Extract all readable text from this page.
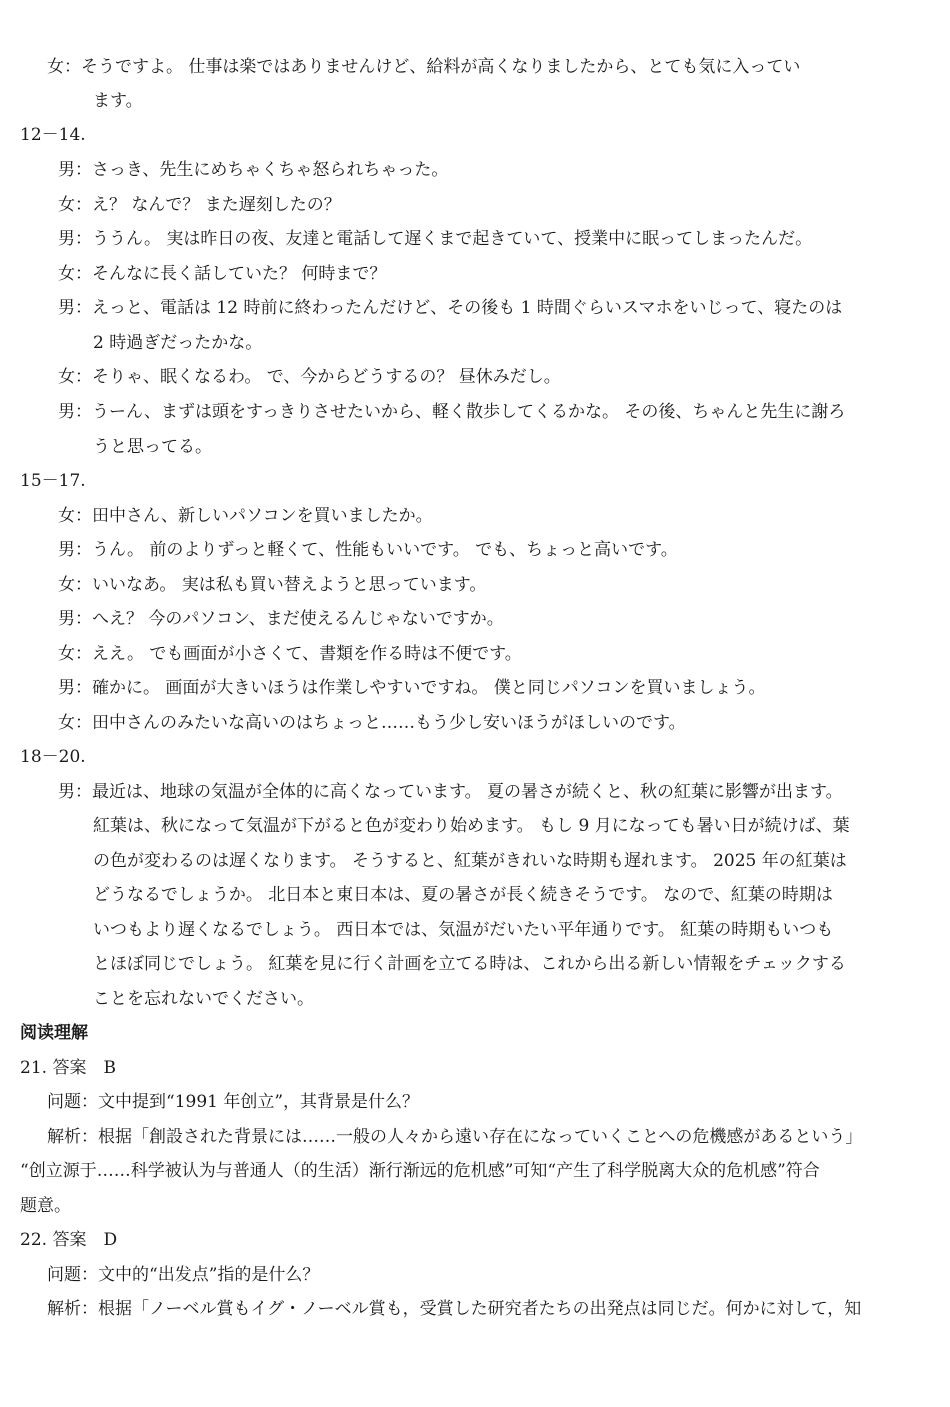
女：そうですよ。 仕事は楽ではありませんけど、給料が高くなりましたから、とても気に入ってい
ます。
12－14.
男：さっき、先生にめちゃくちゃ怒られちゃった。
女：え？ なんで？ また遅刻したの？
男：ううん。 実は昨日の夜、友達と電話して遅くまで起きていて、授業中に眠ってしまったんだ。
女：そんなに長く話していた？ 何時まで？
男：えっと、電話は 12 時前に終わったんだけど、その後も 1 時間ぐらいスマホをいじって、寝たのは
2 時過ぎだったかな。
女：そりゃ、眠くなるわ。 で、今からどうするの？ 昼休みだし。
男：うーん、まずは頭をすっきりさせたいから、軽く散歩してくるかな。 その後、ちゃんと先生に謝ろ
うと思ってる。
15－17.
女：田中さん、新しいパソコンを買いましたか。
男：うん。 前のよりずっと軽くて、性能もいいです。 でも、ちょっと高いです。
女：いいなあ。 実は私も買い替えようと思っています。
男：へえ？ 今のパソコン、まだ使えるんじゃないですか。
女：ええ。 でも画面が小さくて、書類を作る時は不便です。
男：確かに。 画面が大きいほうは作業しやすいですね。 僕と同じパソコンを買いましょう。
女：田中さんのみたいな高いのはちょっと……もう少し安いほうがほしいのです。
18－20.
男：最近は、地球の気温が全体的に高くなっています。 夏の暑さが続くと、秋の紅葉に影響が出ます。
紅葉は、秋になって気温が下がると色が変わり始めます。 もし 9 月になっても暑い日が続けば、葉
の色が変わるのは遅くなります。 そうすると、紅葉がきれいな時期も遅れます。 2025 年の紅葉は
どうなるでしょうか。 北日本と東日本は、夏の暑さが長く続きそうです。 なので、紅葉の時期は
いつもより遅くなるでしょう。 西日本では、気温がだいたい平年通りです。 紅葉の時期もいつも
とほぼ同じでしょう。 紅葉を見に行く計画を立てる時は、これから出る新しい情報をチェックする
ことを忘れないでください。
阅读理解
21. 答案　B
问题：文中提到“1991 年创立”，其背景是什么？
解析：根据「創設された背景には……一般の人々から遠い存在になっていくことへの危機感があるという」
“创立源于……科学被认为与普通人（的生活）渐行渐远的危机感”可知“产生了科学脱离大众的危机感”符合
题意。
22. 答案　D
问题：文中的“出发点”指的是什么？
解析：根据「ノーベル賞もイグ・ノーベル賞も，受賞した研究者たちの出発点は同じだ。何かに対して，知
